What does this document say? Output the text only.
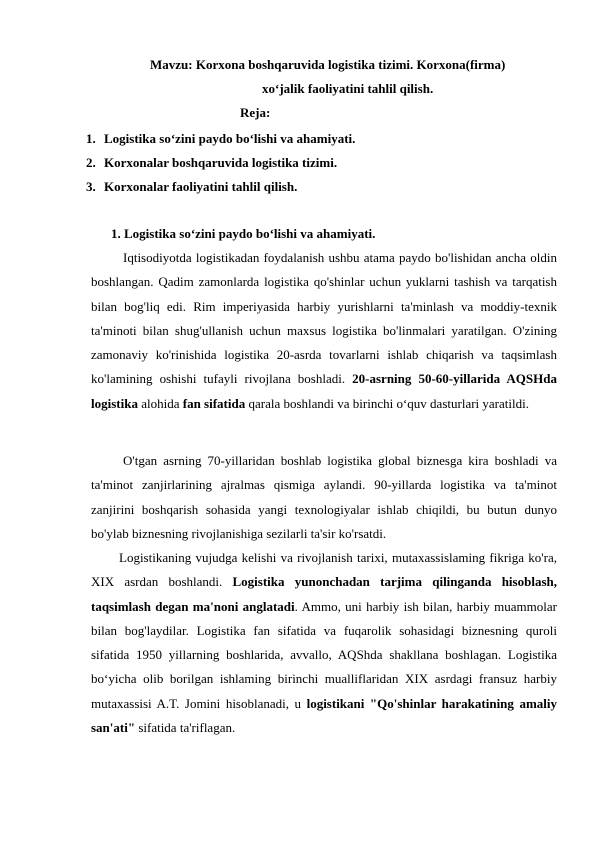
Mavzu: Korxona boshqaruvida logistika tizimi. Korxona(firma)
xo‘jalik faoliyatini tahlil qilish.
Reja:
1. Logistika so‘zini paydo bo‘lishi va ahamiyati.
2. Korxonalar boshqaruvida logistika tizimi.
3. Korxonalar faoliyatini tahlil qilish.
1. Logistika so‘zini paydo bo‘lishi va ahamiyati.

Iqtisodiyotda logistikadan foydalanish ushbu atama paydo bo'lishidan ancha oldin boshlangan. Qadim zamonlarda logistika qo'shinlar uchun yuklarni tashish va tarqatish bilan bog'liq edi. Rim imperiyasida harbiy yurishlarni ta'minlash va moddiy-texnik ta'minoti bilan shug'ullanish uchun maxsus logistika bo'linmalari yaratilgan. O'zining zamonaviy ko'rinishida logistika 20-asrda tovarlarni ishlab chiqarish va taqsimlash ko'lamining oshishi tufayli rivojlana boshladi. 20-asrning 50-60-yillarida AQSHda logistika alohida fan sifatida qarala boshlandi va birinchi o‘quv dasturlari yaratildi.

O'tgan asrning 70-yillaridan boshlab logistika global biznesga kira boshladi va ta'minot zanjirlarining ajralmas qismiga aylandi. 90-yillarda logistika va ta'minot zanjirini boshqarish sohasida yangi texnologiyalar ishlab chiqildi, bu butun dunyo bo'ylab biznesning rivojlanishiga sezilarli ta'sir ko'rsatdi.

Logistikaning vujudga kelishi va rivojlanish tarixi, mutaxassislaming fikriga ko'ra, XIX asrdan boshlandi. Logistika yunonchadan tarjima qilinganda hisoblash, taqsimlash degan ma'noni anglatadi. Ammo, uni harbiy ish bilan, harbiy muammolar bilan bog'laydilar. Logistika fan sifatida va fuqarolik sohasidagi biznesning quroli sifatida 1950 yillarning boshlarida, avvallo, AQShda shakllana boshlagan. Logistika bo‘yicha olib borilgan ishlaming birinchi mualliflaridan XIX asrdagi fransuz harbiy mutaxassisi A.T. Jomini hisoblanadi, u logistikani "Qo'shinlar harakatining amaliy san'ati" sifatida ta'riflagan.
